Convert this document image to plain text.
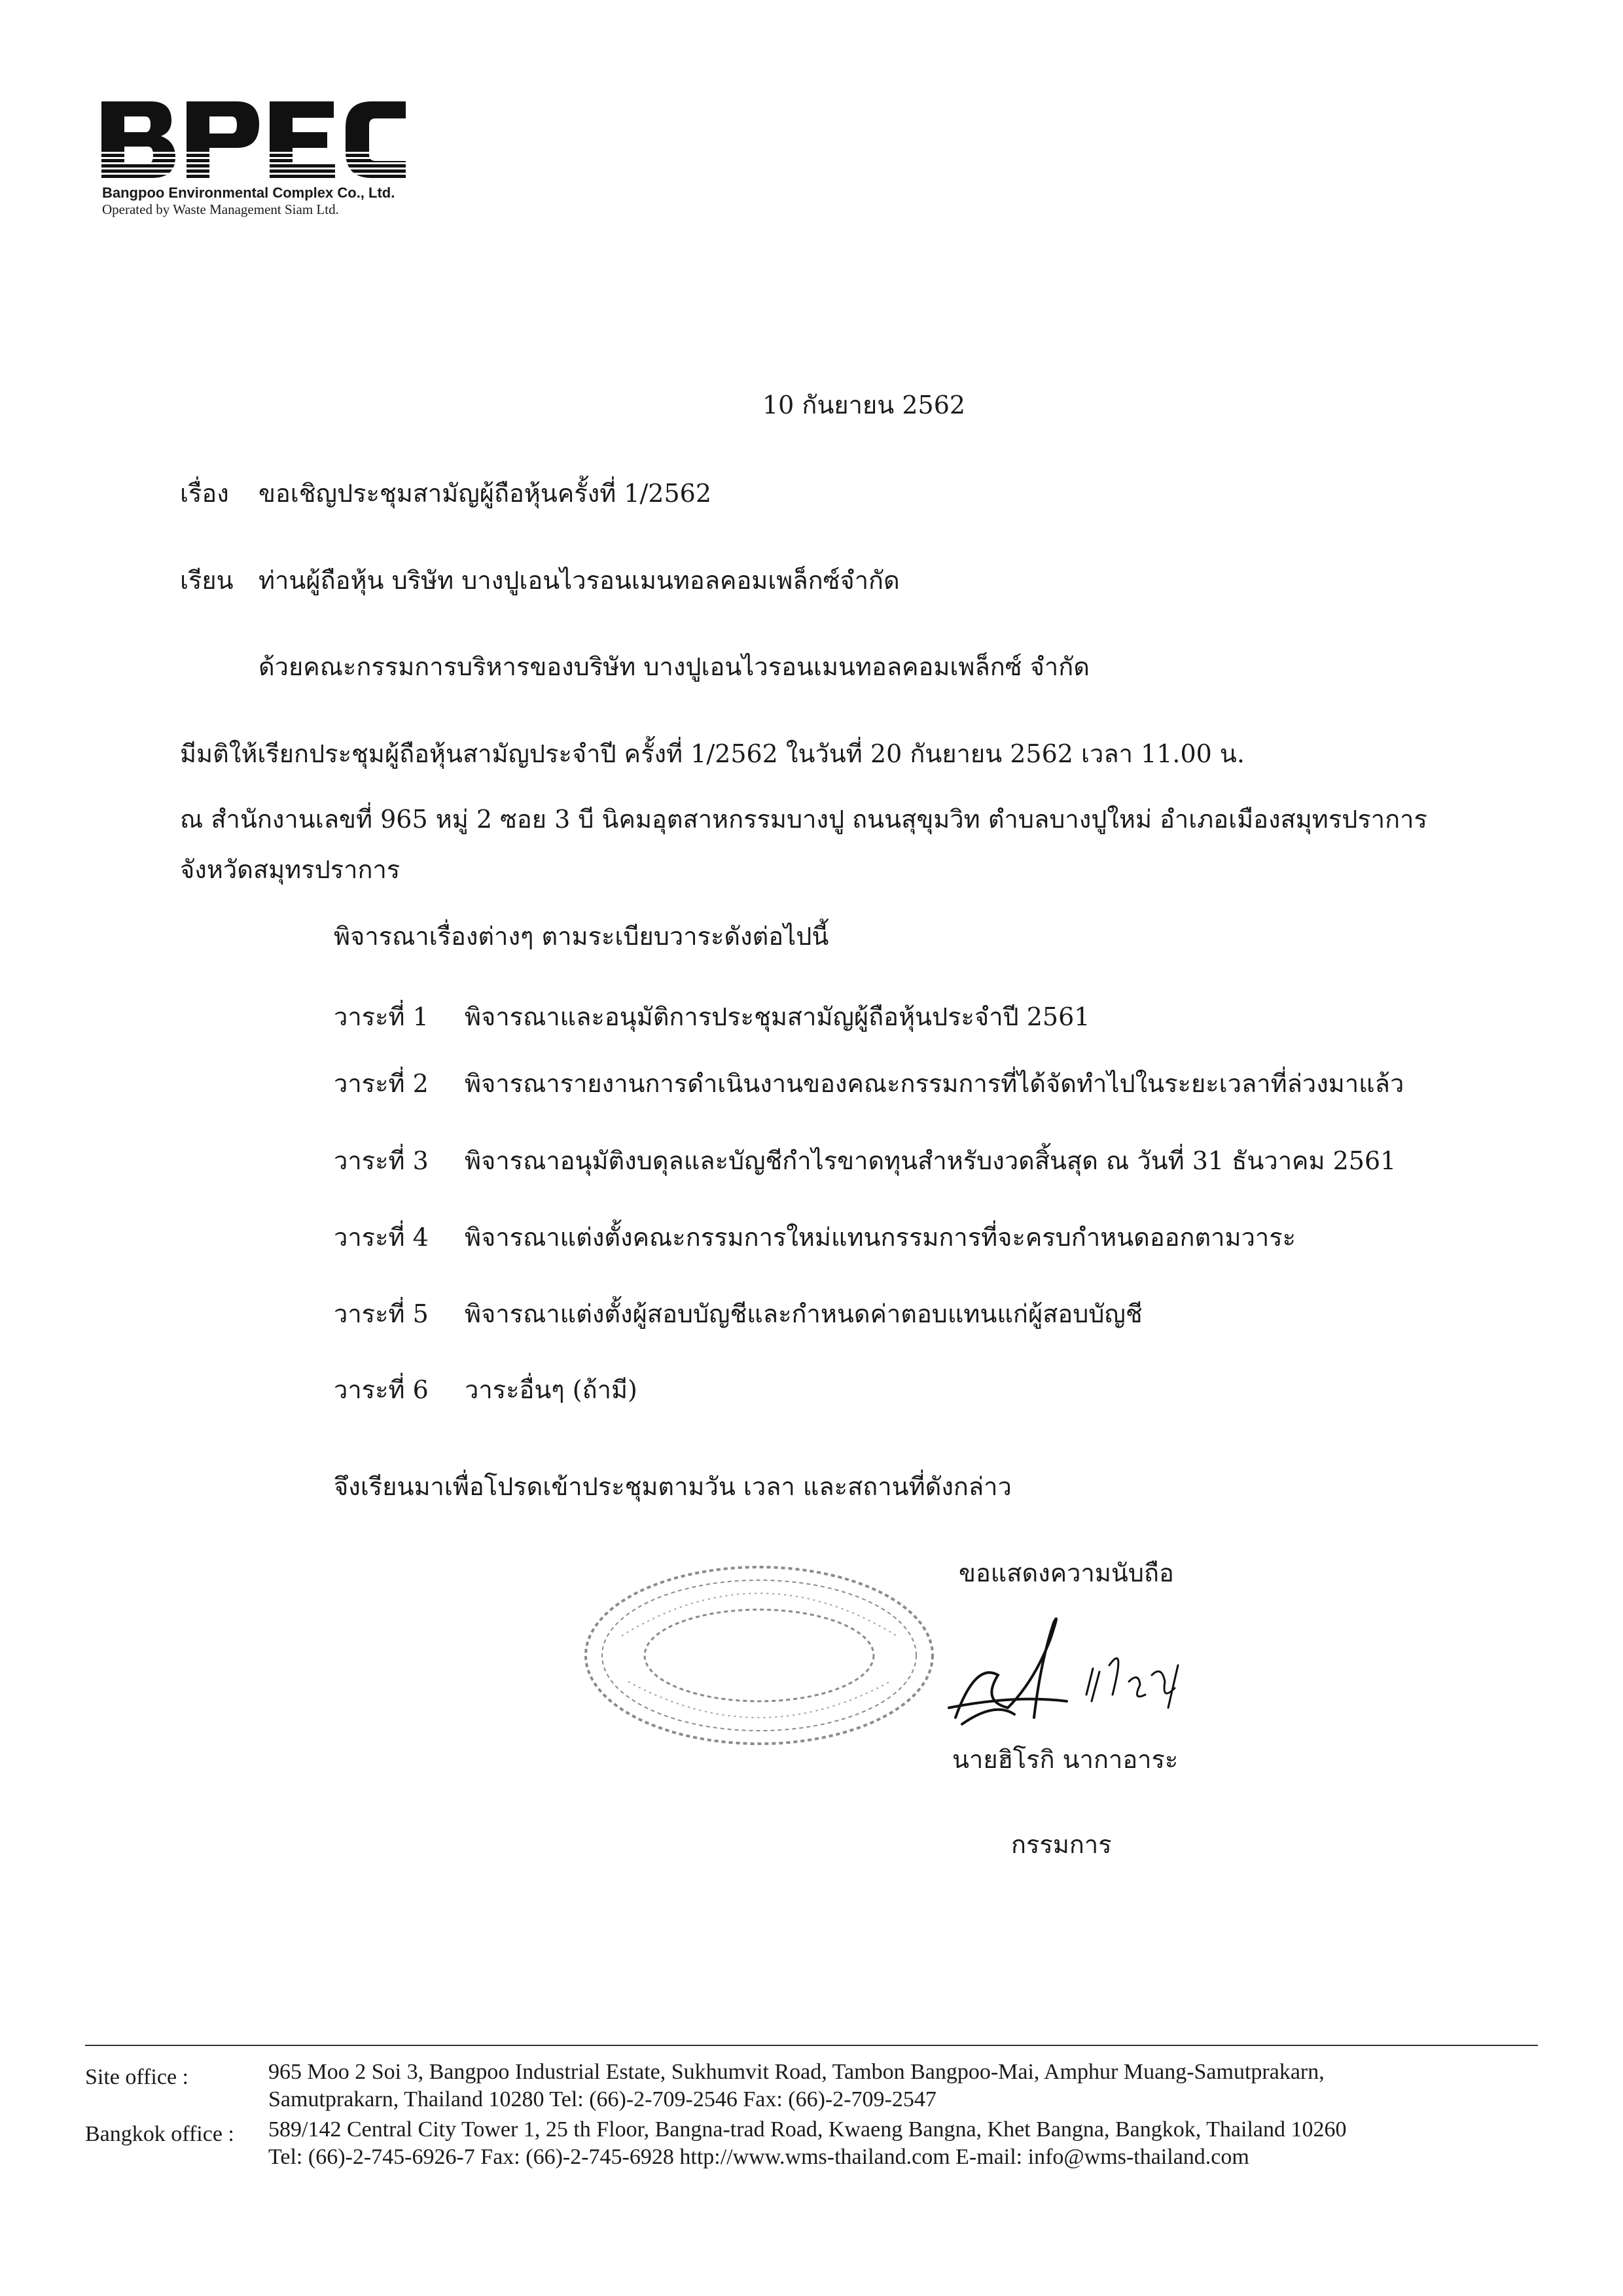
Bangpoo Environmental Complex Co., Ltd.
Operated by Waste Management Siam Ltd.
10 กันยายน 2562
เรื่อง ขอเชิญประชุมสามัญผู้ถือหุ้นครั้งที่ 1/2562
เรียน ท่านผู้ถือหุ้น บริษัท บางปูเอนไวรอนเมนทอลคอมเพล็กซ์จำกัด
ด้วยคณะกรรมการบริหารของบริษัท บางปูเอนไวรอนเมนทอลคอมเพล็กซ์ จำกัด
มีมติให้เรียกประชุมผู้ถือหุ้นสามัญประจำปี ครั้งที่ 1/2562 ในวันที่ 20 กันยายน 2562 เวลา 11.00 น.
ณ สำนักงานเลขที่ 965 หมู่ 2 ซอย 3 บี นิคมอุตสาหกรรมบางปู ถนนสุขุมวิท ตำบลบางปูใหม่ อำเภอเมืองสมุทรปราการ
จังหวัดสมุทรปราการ
พิจารณาเรื่องต่างๆ ตามระเบียบวาระดังต่อไปนี้
วาระที่ 1 พิจารณาและอนุมัติการประชุมสามัญผู้ถือหุ้นประจำปี 2561
วาระที่ 2 พิจารณารายงานการดำเนินงานของคณะกรรมการที่ได้จัดทำไปในระยะเวลาที่ล่วงมาแล้ว
วาระที่ 3 พิจารณาอนุมัติงบดุลและบัญชีกำไรขาดทุนสำหรับงวดสิ้นสุด ณ วันที่ 31 ธันวาคม 2561
วาระที่ 4 พิจารณาแต่งตั้งคณะกรรมการใหม่แทนกรรมการที่จะครบกำหนดออกตามวาระ
วาระที่ 5 พิจารณาแต่งตั้งผู้สอบบัญชีและกำหนดค่าตอบแทนแก่ผู้สอบบัญชี
วาระที่ 6 วาระอื่นๆ (ถ้ามี)
จึงเรียนมาเพื่อโปรดเข้าประชุมตามวัน เวลา และสถานที่ดังกล่าว
ขอแสดงความนับถือ
นายฮิโรกิ นากาอาระ
กรรมการ
Site office :	965 Moo 2 Soi 3, Bangpoo Industrial Estate, Sukhumvit Road, Tambon Bangpoo-Mai, Amphur Muang-Samutprakarn,
Samutprakarn, Thailand 10280 Tel: (66)-2-709-2546 Fax: (66)-2-709-2547
Bangkok office : 589/142 Central City Tower 1, 25 th Floor, Bangna-trad Road, Kwaeng Bangna, Khet Bangna, Bangkok, Thailand 10260
Tel: (66)-2-745-6926-7 Fax: (66)-2-745-6928 http://www.wms-thailand.com E-mail: info@wms-thailand.com
